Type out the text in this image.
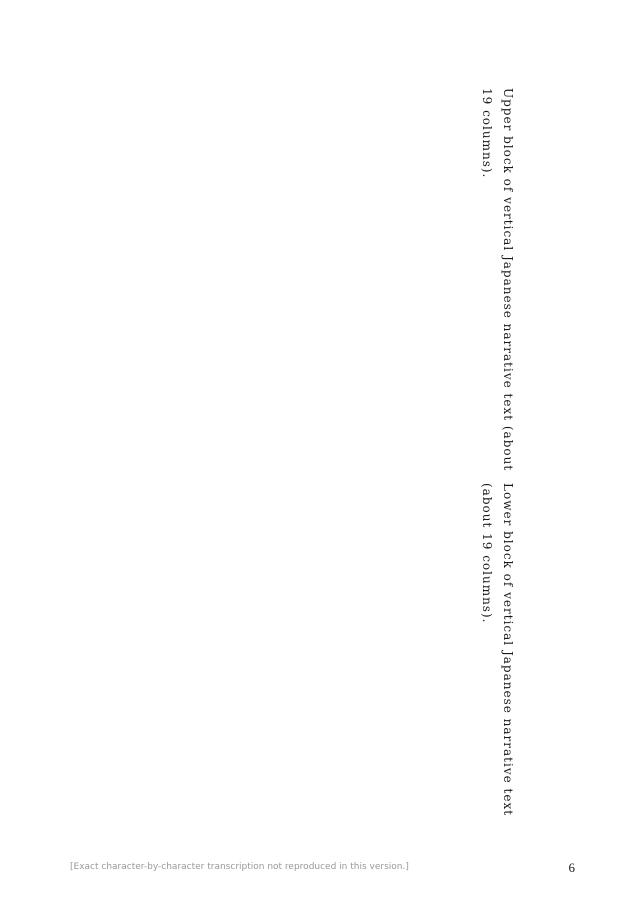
Upper block of vertical Japanese narrative text (about 19 columns).
Lower block of vertical Japanese narrative text (about 19 columns).
[Exact character-by-character transcription not reproduced in this version.]	6
